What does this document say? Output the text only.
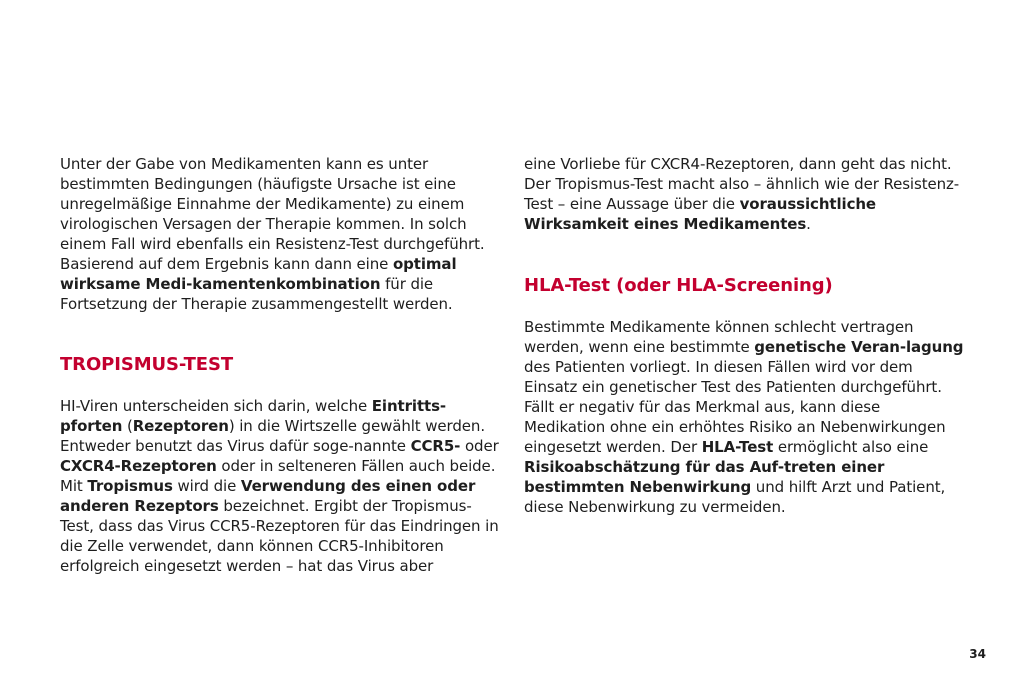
Unter der Gabe von Medikamenten kann es unter bestimmten Bedingungen (häufigste Ursache ist eine unregelmäßige Einnahme der Medikamente) zu einem virologischen Versagen der Therapie kommen. In solch einem Fall wird ebenfalls ein Resistenz-Test durchgeführt. Basierend auf dem Ergebnis kann dann eine optimal wirksame Medi-kamentenkombination für die Fortsetzung der Therapie zusammengestellt werden.

TROPISMUS-TEST

HI-Viren unterscheiden sich darin, welche Eintritts-pforten (Rezeptoren) in die Wirtszelle gewählt werden. Entweder benutzt das Virus dafür soge-nannte CCR5- oder CXCR4-Rezeptoren oder in selteneren Fällen auch beide. Mit Tropismus wird die Verwendung des einen oder anderen Rezeptors bezeichnet. Ergibt der Tropismus-Test, dass das Virus CCR5-Rezeptoren für das Eindringen in die Zelle verwendet, dann können CCR5-Inhibitoren erfolgreich eingesetzt werden – hat das Virus aber

eine Vorliebe für CXCR4-Rezeptoren, dann geht das nicht. Der Tropismus-Test macht also – ähnlich wie der Resistenz-Test – eine Aussage über die voraussichtliche Wirksamkeit eines Medikamentes.

HLA-Test (oder HLA-Screening)

Bestimmte Medikamente können schlecht vertragen werden, wenn eine bestimmte genetische Veran-lagung des Patienten vorliegt. In diesen Fällen wird vor dem Einsatz ein genetischer Test des Patienten durchgeführt. Fällt er negativ für das Merkmal aus, kann diese Medikation ohne ein erhöhtes Risiko an Nebenwirkungen eingesetzt werden. Der HLA-Test ermöglicht also eine Risikoabschätzung für das Auf-treten einer bestimmten Nebenwirkung und hilft Arzt und Patient, diese Nebenwirkung zu vermeiden.

34
